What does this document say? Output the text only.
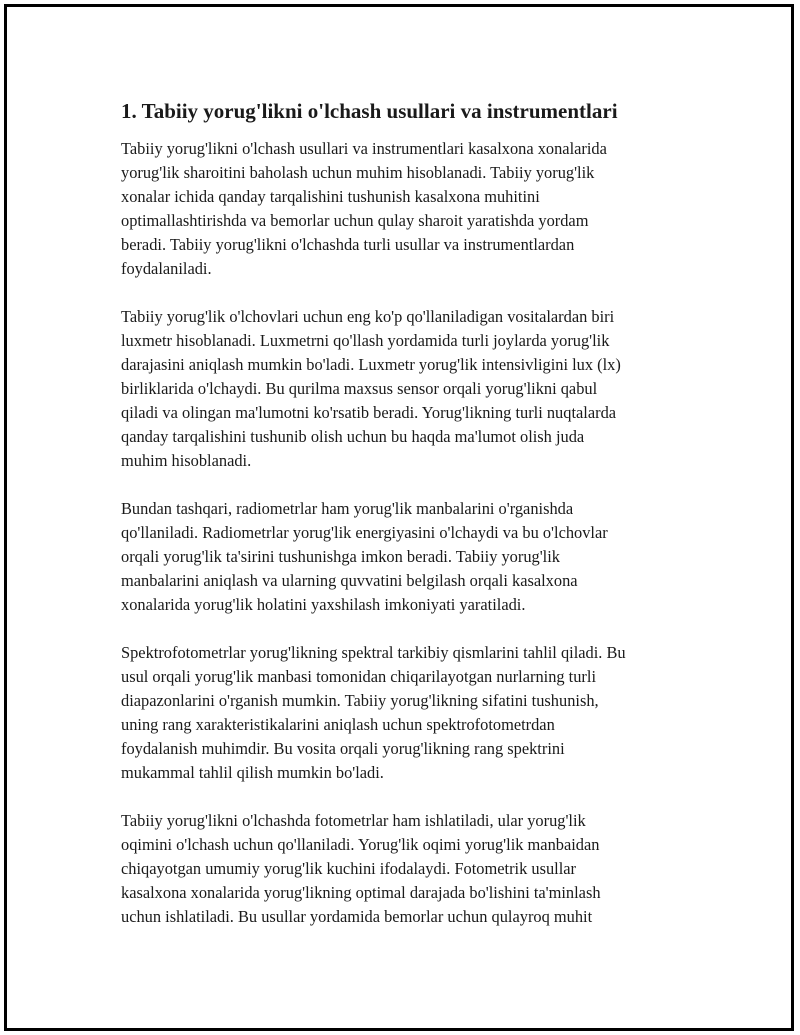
1. Tabiiy yorug'likni o'lchash usullari va instrumentlari

Tabiiy yorug'likni o'lchash usullari va instrumentlari kasalxona xonalarida
yorug'lik sharoitini baholash uchun muhim hisoblanadi. Tabiiy yorug'lik
xonalar ichida qanday tarqalishini tushunish kasalxona muhitini
optimallashtirishda va bemorlar uchun qulay sharoit yaratishda yordam
beradi. Tabiiy yorug'likni o'lchashda turli usullar va instrumentlardan
foydalaniladi.

Tabiiy yorug'lik o'lchovlari uchun eng ko'p qo'llaniladigan vositalardan biri
luxmetr hisoblanadi. Luxmetrni qo'llash yordamida turli joylarda yorug'lik
darajasini aniqlash mumkin bo'ladi. Luxmetr yorug'lik intensivligini lux (lx)
birliklarida o'lchaydi. Bu qurilma maxsus sensor orqali yorug'likni qabul
qiladi va olingan ma'lumotni ko'rsatib beradi. Yorug'likning turli nuqtalarda
qanday tarqalishini tushunib olish uchun bu haqda ma'lumot olish juda
muhim hisoblanadi.

Bundan tashqari, radiometrlar ham yorug'lik manbalarini o'rganishda
qo'llaniladi. Radiometrlar yorug'lik energiyasini o'lchaydi va bu o'lchovlar
orqali yorug'lik ta'sirini tushunishga imkon beradi. Tabiiy yorug'lik
manbalarini aniqlash va ularning quvvatini belgilash orqali kasalxona
xonalarida yorug'lik holatini yaxshilash imkoniyati yaratiladi.

Spektrofotometrlar yorug'likning spektral tarkibiy qismlarini tahlil qiladi. Bu
usul orqali yorug'lik manbasi tomonidan chiqarilayotgan nurlarning turli
diapazonlarini o'rganish mumkin. Tabiiy yorug'likning sifatini tushunish,
uning rang xarakteristikalarini aniqlash uchun spektrofotometrdan
foydalanish muhimdir. Bu vosita orqali yorug'likning rang spektrini
mukammal tahlil qilish mumkin bo'ladi.

Tabiiy yorug'likni o'lchashda fotometrlar ham ishlatiladi, ular yorug'lik
oqimini o'lchash uchun qo'llaniladi. Yorug'lik oqimi yorug'lik manbaidan
chiqayotgan umumiy yorug'lik kuchini ifodalaydi. Fotometrik usullar
kasalxona xonalarida yorug'likning optimal darajada bo'lishini ta'minlash
uchun ishlatiladi. Bu usullar yordamida bemorlar uchun qulayroq muhit
